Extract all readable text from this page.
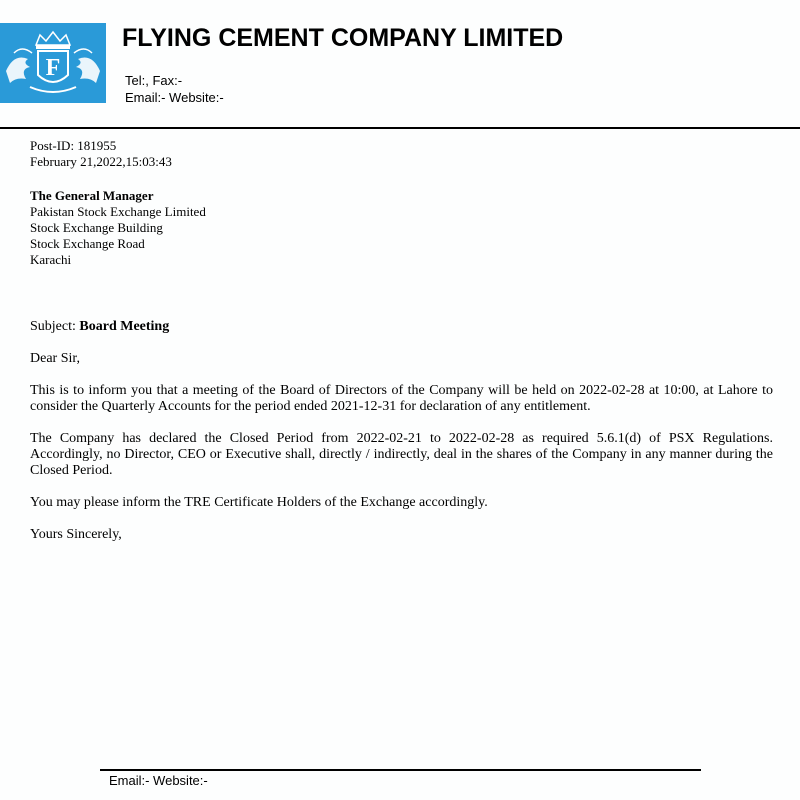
F
FLYING CEMENT COMPANY LIMITED
Tel:, Fax:-
Email:- Website:-
Post-ID: 181955
February 21,2022,15:03:43
The General Manager
Pakistan Stock Exchange Limited
Stock Exchange Building
Stock Exchange Road
Karachi
Subject: Board Meeting
Dear Sir,
This is to inform you that a meeting of the Board of Directors of the Company will be held on 2022-02-28 at 10:00, at Lahore to consider the Quarterly Accounts for the period ended 2021-12-31 for declaration of any entitlement.
The Company has declared the Closed Period from 2022-02-21 to 2022-02-28 as required 5.6.1(d) of PSX Regulations. Accordingly, no Director, CEO or Executive shall, directly / indirectly, deal in the shares of the Company in any manner during the Closed Period.
You may please inform the TRE Certificate Holders of the Exchange accordingly.
Yours Sincerely,
Email:- Website:-
